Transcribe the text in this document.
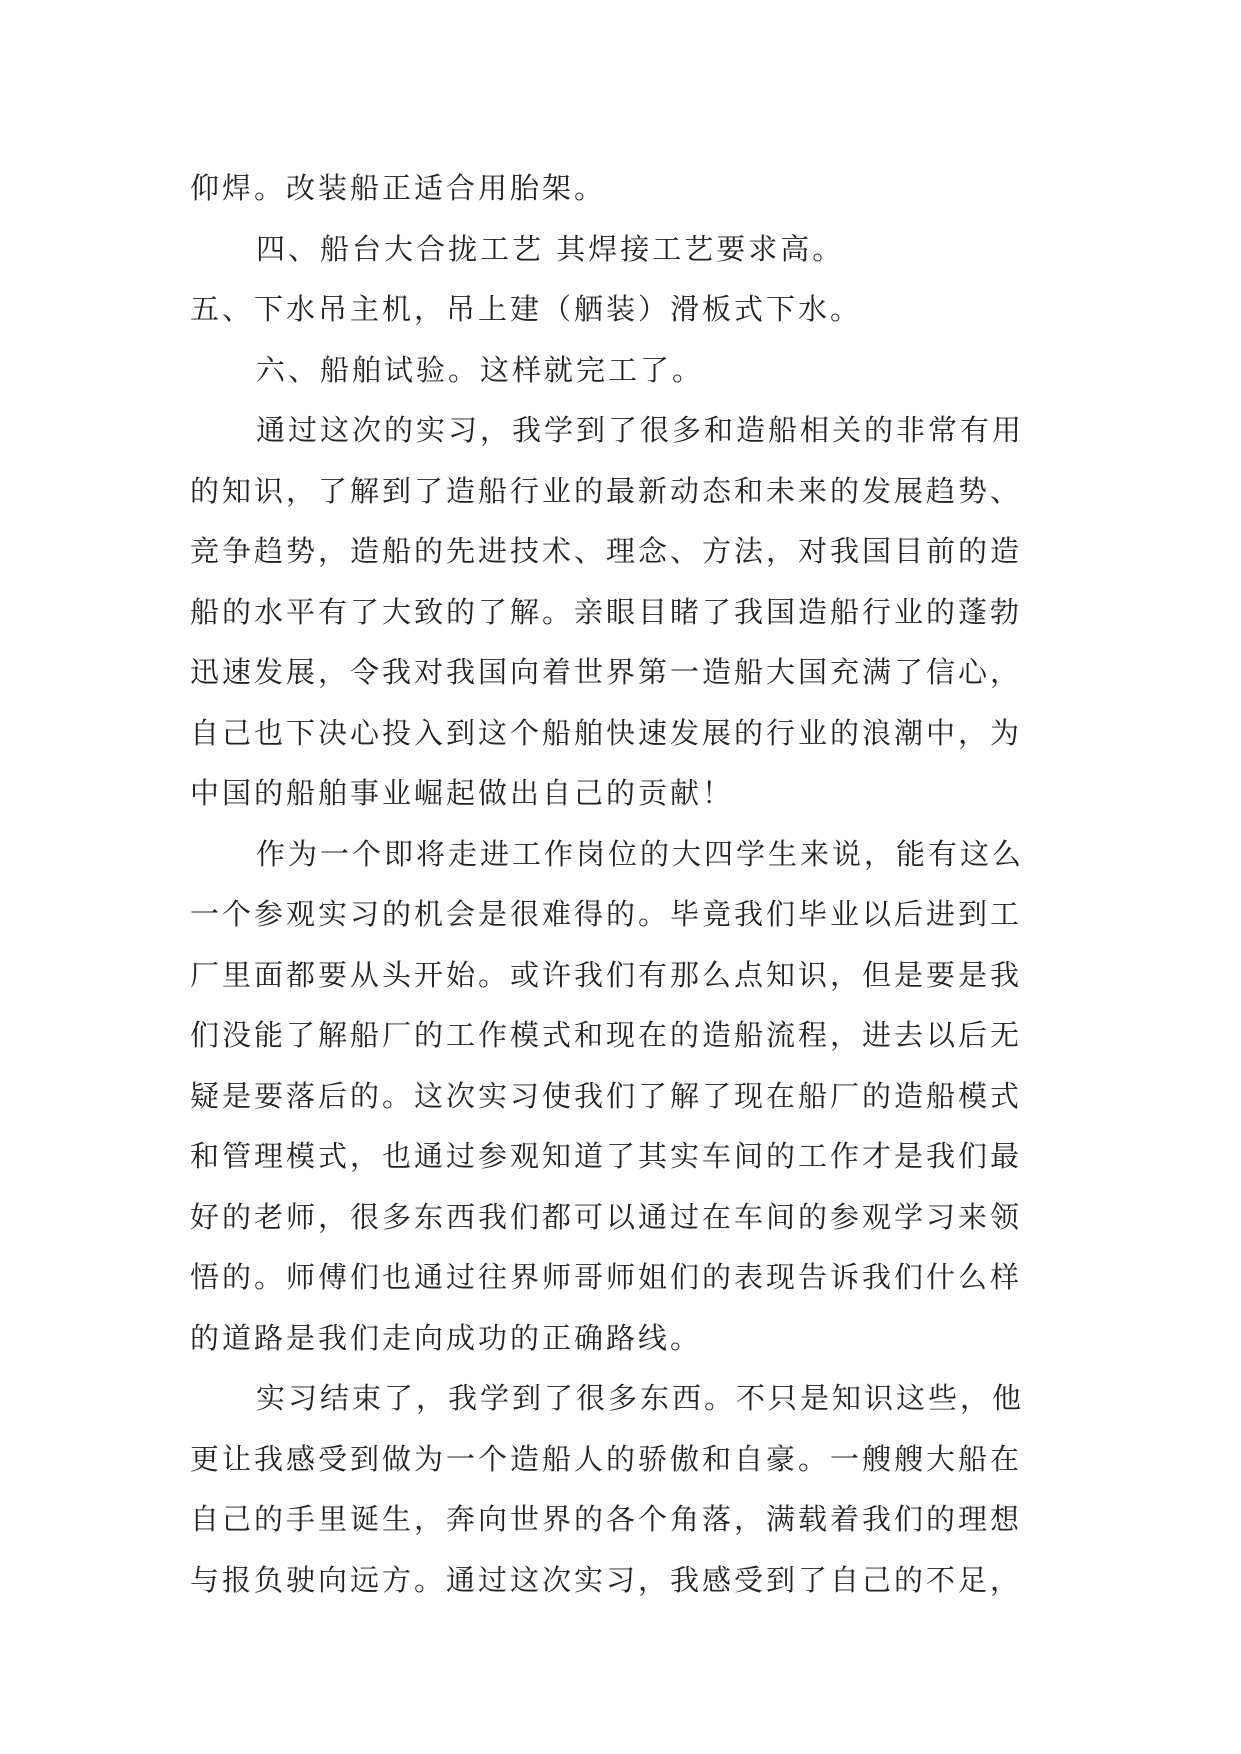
仰焊。改装船正适合用胎架。
四、船台大合拢工艺 其焊接工艺要求高。
五、下水吊主机，吊上建（舾装）滑板式下水。
六、船舶试验。这样就完工了。
通过这次的实习，我学到了很多和造船相关的非常有用
的知识，了解到了造船行业的最新动态和未来的发展趋势、
竞争趋势，造船的先进技术、理念、方法，对我国目前的造
船的水平有了大致的了解。亲眼目睹了我国造船行业的蓬勃
迅速发展，令我对我国向着世界第一造船大国充满了信心，
自己也下决心投入到这个船舶快速发展的行业的浪潮中，为
中国的船舶事业崛起做出自己的贡献！
作为一个即将走进工作岗位的大四学生来说，能有这么
一个参观实习的机会是很难得的。毕竟我们毕业以后进到工
厂里面都要从头开始。或许我们有那么点知识，但是要是我
们没能了解船厂的工作模式和现在的造船流程，进去以后无
疑是要落后的。这次实习使我们了解了现在船厂的造船模式
和管理模式，也通过参观知道了其实车间的工作才是我们最
好的老师，很多东西我们都可以通过在车间的参观学习来领
悟的。师傅们也通过往界师哥师姐们的表现告诉我们什么样
的道路是我们走向成功的正确路线。
实习结束了，我学到了很多东西。不只是知识这些，他
更让我感受到做为一个造船人的骄傲和自豪。一艘艘大船在
自己的手里诞生，奔向世界的各个角落，满载着我们的理想
与报负驶向远方。通过这次实习，我感受到了自己的不足，
